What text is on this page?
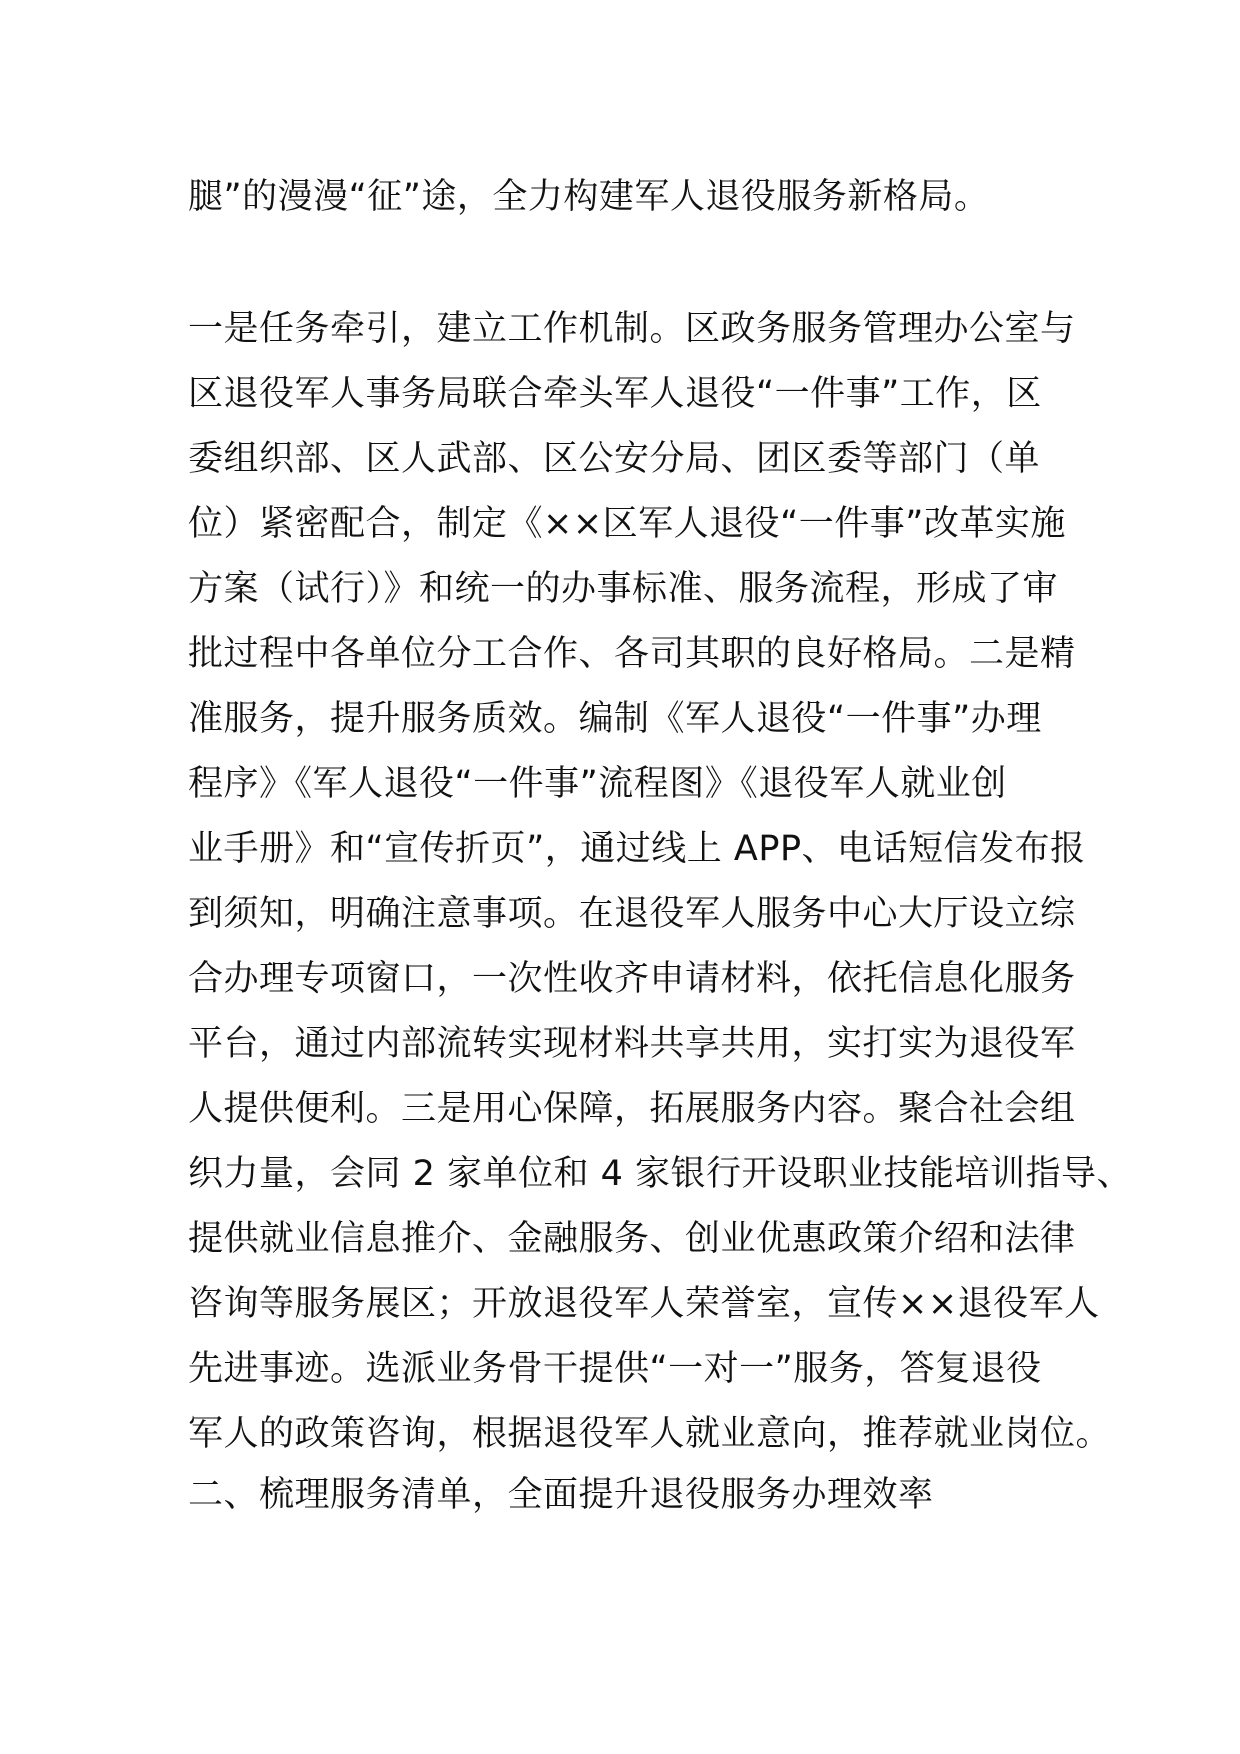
腿”的漫漫“征”途，全力构建军人退役服务新格局。
一是任务牵引，建立工作机制。区政务服务管理办公室与
区退役军人事务局联合牵头军人退役“一件事”工作，区
委组织部、区人武部、区公安分局、团区委等部门（单
位）紧密配合，制定《××区军人退役“一件事”改革实施
方案（试行）》和统一的办事标准、服务流程，形成了审
批过程中各单位分工合作、各司其职的良好格局。二是精
准服务，提升服务质效。编制《军人退役“一件事”办理
程序》《军人退役“一件事”流程图》《退役军人就业创
业手册》和“宣传折页”，通过线上 APP、电话短信发布报
到须知，明确注意事项。在退役军人服务中心大厅设立综
合办理专项窗口，一次性收齐申请材料，依托信息化服务
平台，通过内部流转实现材料共享共用，实打实为退役军
人提供便利。三是用心保障，拓展服务内容。聚合社会组
织力量，会同 2 家单位和 4 家银行开设职业技能培训指导、
提供就业信息推介、金融服务、创业优惠政策介绍和法律
咨询等服务展区；开放退役军人荣誉室，宣传××退役军人
先进事迹。选派业务骨干提供“一对一”服务，答复退役
军人的政策咨询，根据退役军人就业意向，推荐就业岗位。
二、梳理服务清单，全面提升退役服务办理效率
